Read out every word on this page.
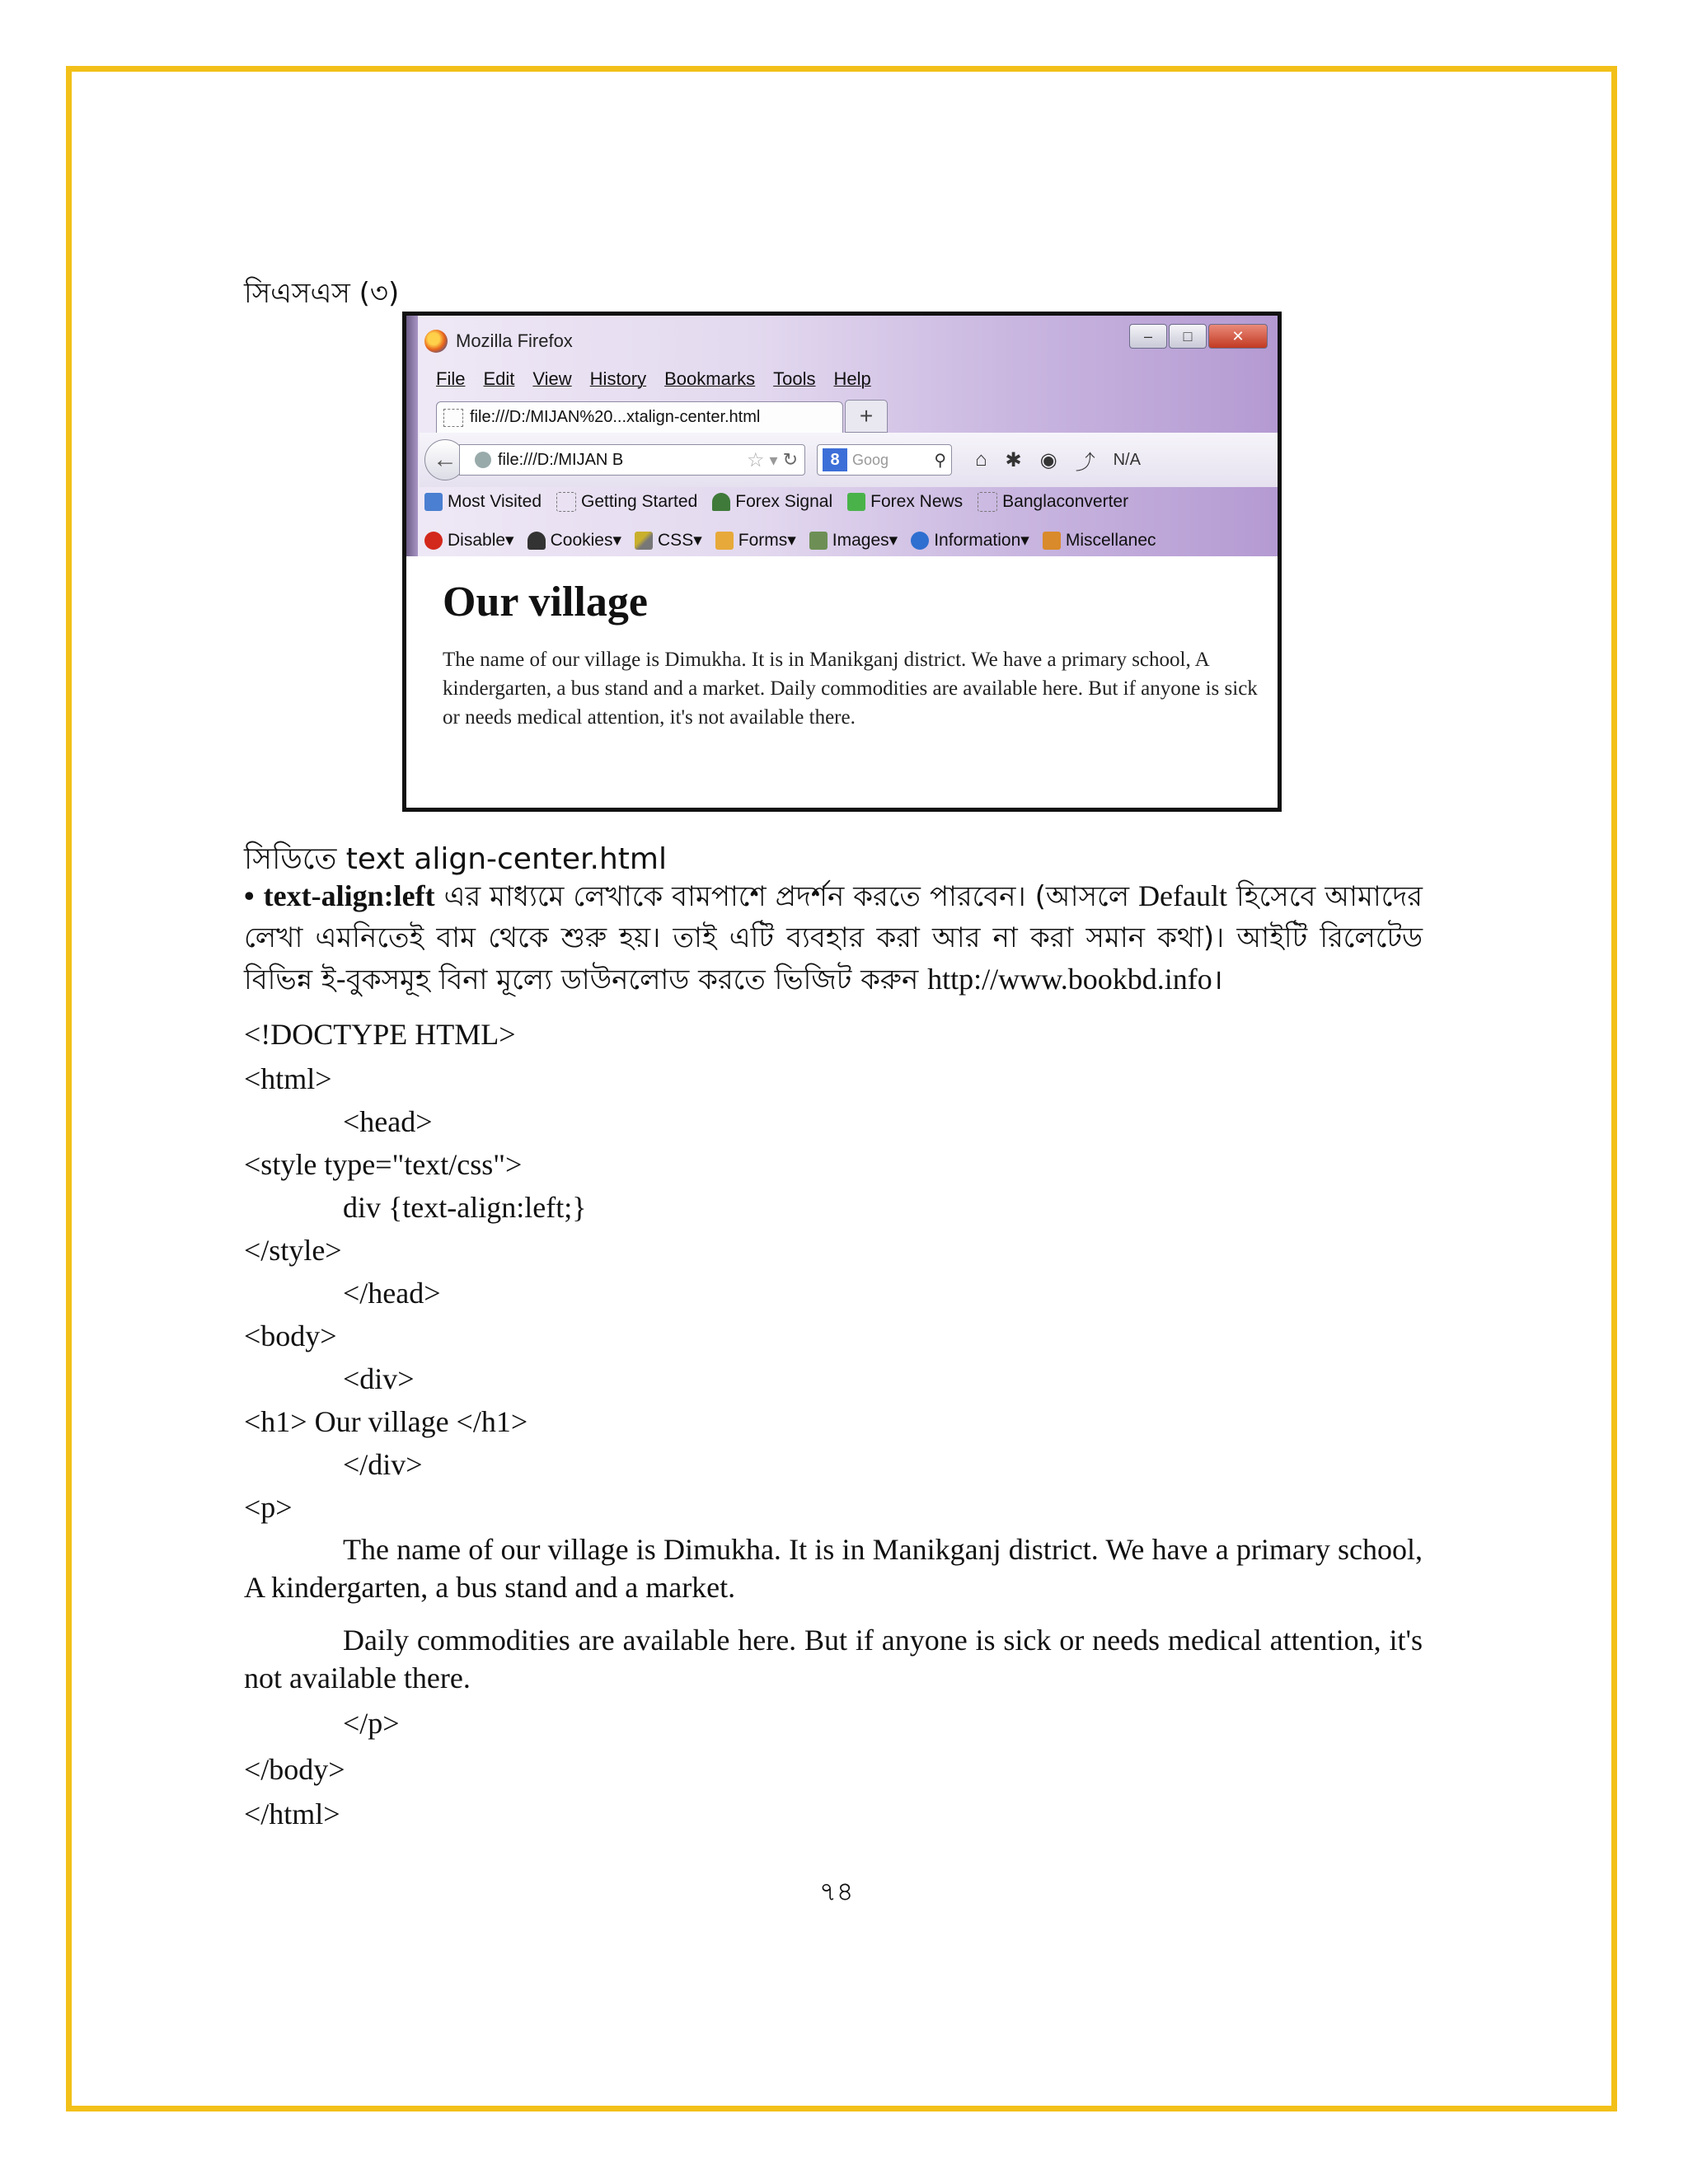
সিএসএস (৩)
Mozilla Firefox	–	□	✕
File Edit View History Bookmarks Tools Help
file:///D:/MIJAN%20...xtalign-center.html	+
←	file:///D:/MIJAN B	☆ ▾ ↻	8 Goog	⚲ ⌂ ✱ ◉ ⤴ N/A
Most Visited Getting Started Forex Signal Forex News Banglaconverter
Disable ▾ Cookies ▾ CSS ▾ Forms ▾ Images ▾ Information ▾ Miscellanec
Our village
The name of our village is Dimukha. It is in Manikganj district. We have a primary school, A kindergarten, a bus stand and a market. Daily commodities are available here. But if anyone is sick or needs medical attention, it's not available there.
সিডিতে text align-center.html
• text-align:left এর মাধ্যমে লেখাকে বামপাশে প্রদর্শন করতে পারবেন। (আসলে Default হিসেবে আমাদের লেখা এমনিতেই বাম থেকে শুরু হয়। তাই এটি ব্যবহার করা আর না করা সমান কথা)। আইটি রিলেটেড বিভিন্ন ই-বুকসমূহ বিনা মূল্যে ডাউনলোড করতে ভিজিট করুন http://www.bookbd.info।
<!DOCTYPE HTML>
<html>
<head>
<style type="text/css">
div {text-align:left;}
</style>
</head>
<body>
<div>
<h1> Our village </h1>
</div>
<p>
The name of our village is Dimukha. It is in Manikganj district. We have a primary school, A kindergarten, a bus stand and a market.
Daily commodities are available here. But if anyone is sick or needs medical attention, it's not available there.
</p>
</body>
</html>
৭৪
